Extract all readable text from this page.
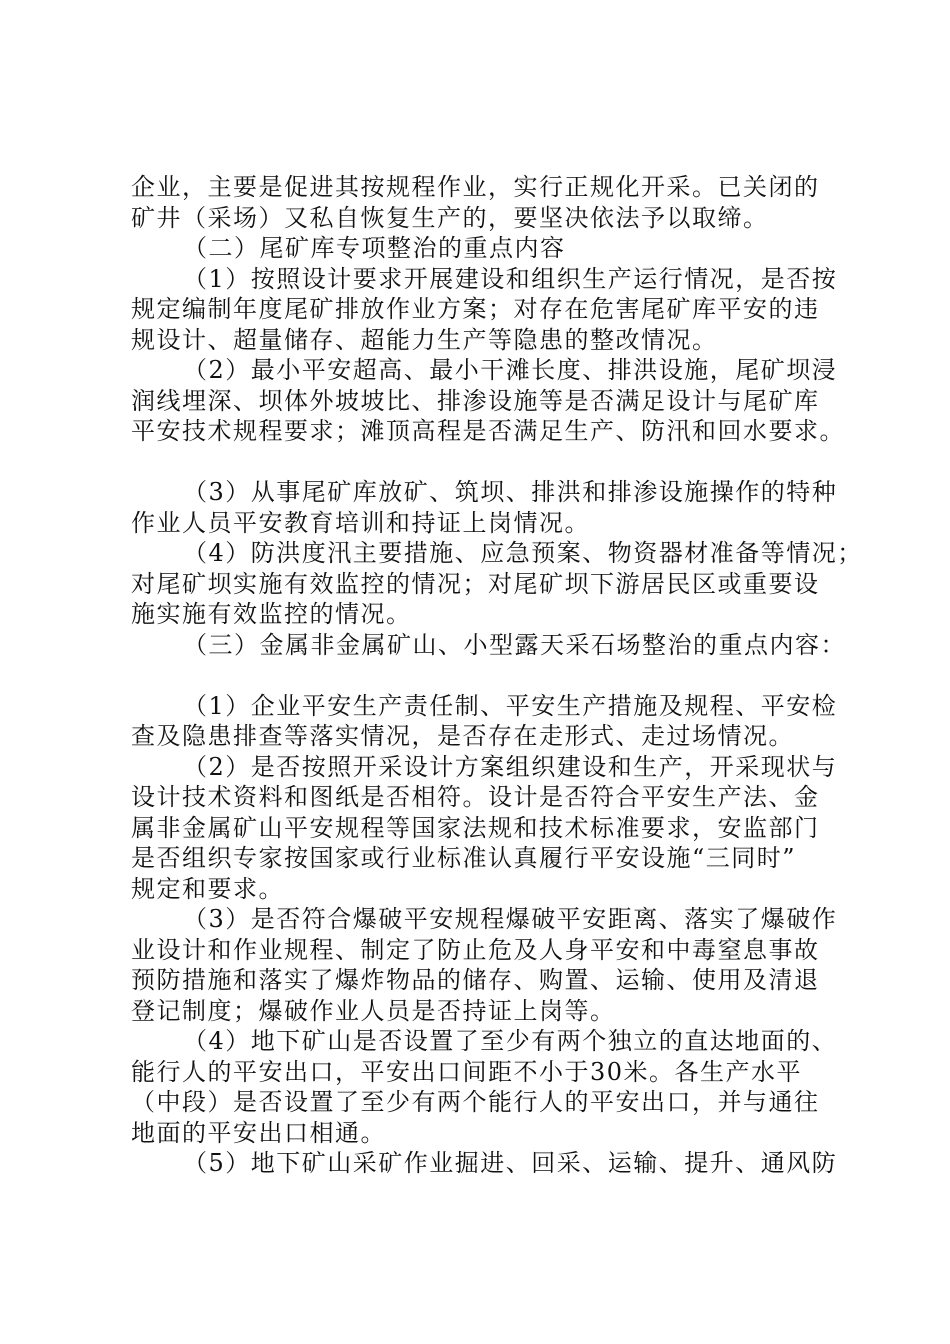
企业，主要是促进其按规程作业，实行正规化开采。已关闭的
矿井（采场）又私自恢复生产的，要坚决依法予以取缔。
（二）尾矿库专项整治的重点内容
（1）按照设计要求开展建设和组织生产运行情况，是否按
规定编制年度尾矿排放作业方案；对存在危害尾矿库平安的违
规设计、超量储存、超能力生产等隐患的整改情况。
（2）最小平安超高、最小干滩长度、排洪设施，尾矿坝浸
润线埋深、坝体外坡坡比、排渗设施等是否满足设计与尾矿库
平安技术规程要求；滩顶高程是否满足生产、防汛和回水要求。
（3）从事尾矿库放矿、筑坝、排洪和排渗设施操作的特种
作业人员平安教育培训和持证上岗情况。
（4）防洪度汛主要措施、应急预案、物资器材准备等情况；
对尾矿坝实施有效监控的情况；对尾矿坝下游居民区或重要设
施实施有效监控的情况。
（三）金属非金属矿山、小型露天采石场整治的重点内容：
（1）企业平安生产责任制、平安生产措施及规程、平安检
查及隐患排查等落实情况，是否存在走形式、走过场情况。
（2）是否按照开采设计方案组织建设和生产，开采现状与
设计技术资料和图纸是否相符。设计是否符合平安生产法、金
属非金属矿山平安规程等国家法规和技术标准要求，安监部门
是否组织专家按国家或行业标准认真履行平安设施“三同时”
规定和要求。
（3）是否符合爆破平安规程爆破平安距离、落实了爆破作
业设计和作业规程、制定了防止危及人身平安和中毒窒息事故
预防措施和落实了爆炸物品的储存、购置、运输、使用及清退
登记制度；爆破作业人员是否持证上岗等。
（4）地下矿山是否设置了至少有两个独立的直达地面的、
能行人的平安出口，平安出口间距不小于30米。各生产水平
（中段）是否设置了至少有两个能行人的平安出口，并与通往
地面的平安出口相通。
（5）地下矿山采矿作业掘进、回采、运输、提升、通风防
